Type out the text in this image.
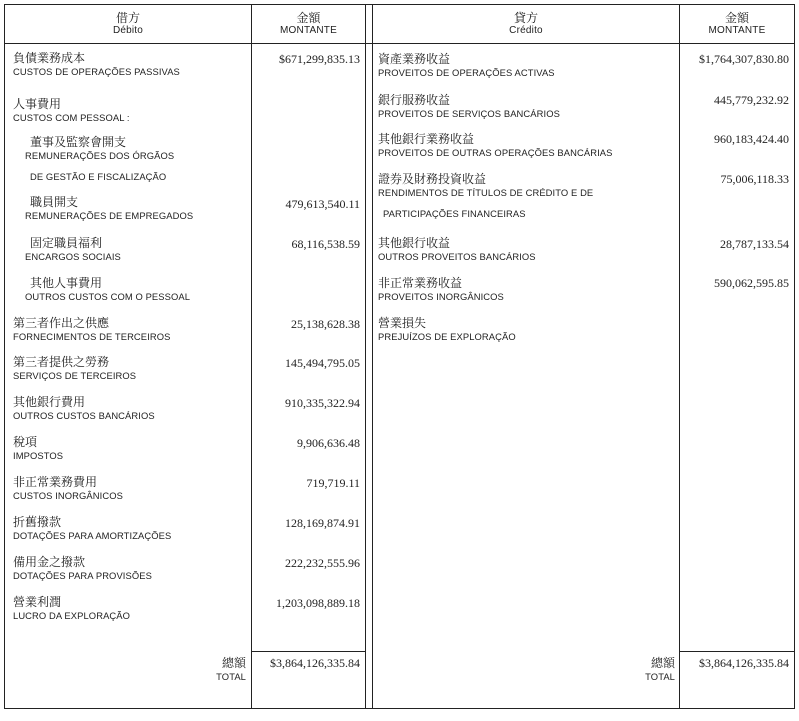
借方
Débito
金額
MONTANTE
貸方
Crédito
金額
MONTANTE
負債業務成本
CUSTOS DE OPERAÇÕES PASSIVAS
$671,299,835.13
人事費用
CUSTOS COM PESSOAL :
董事及監察會開支
REMUNERAÇÕES DOS ÓRGÃOS
DE GESTÃO E FISCALIZAÇÃO
職員開支
REMUNERAÇÕES DE EMPREGADOS
479,613,540.11
固定職員福利
ENCARGOS SOCIAIS
68,116,538.59
其他人事費用
OUTROS CUSTOS COM O PESSOAL
第三者作出之供應
FORNECIMENTOS DE TERCEIROS
25,138,628.38
第三者提供之勞務
SERVIÇOS DE TERCEIROS
145,494,795.05
其他銀行費用
OUTROS CUSTOS BANCÁRIOS
910,335,322.94
稅項
IMPOSTOS
9,906,636.48
非正常業務費用
CUSTOS INORGÂNICOS
719,719.11
折舊撥款
DOTAÇÕES PARA AMORTIZAÇÕES
128,169,874.91
備用金之撥款
DOTAÇÕES PARA PROVISÕES
222,232,555.96
營業利潤
LUCRO DA EXPLORAÇÃO
1,203,098,889.18
資產業務收益
PROVEITOS DE OPERAÇÕES ACTIVAS
$1,764,307,830.80
銀行服務收益
PROVEITOS DE SERVIÇOS BANCÁRIOS
445,779,232.92
其他銀行業務收益
PROVEITOS DE OUTRAS OPERAÇÕES BANCÁRIAS
960,183,424.40
證券及財務投資收益
RENDIMENTOS DE TÍTULOS DE CRÉDITO E DE
PARTICIPAÇÕES FINANCEIRAS
75,006,118.33
其他銀行收益
OUTROS PROVEITOS BANCÁRIOS
28,787,133.54
非正常業務收益
PROVEITOS INORGÂNICOS
590,062,595.85
營業損失
PREJUÍZOS DE EXPLORAÇÃO
總額
TOTAL
$3,864,126,335.84	總額
TOTAL
$3,864,126,335.84
